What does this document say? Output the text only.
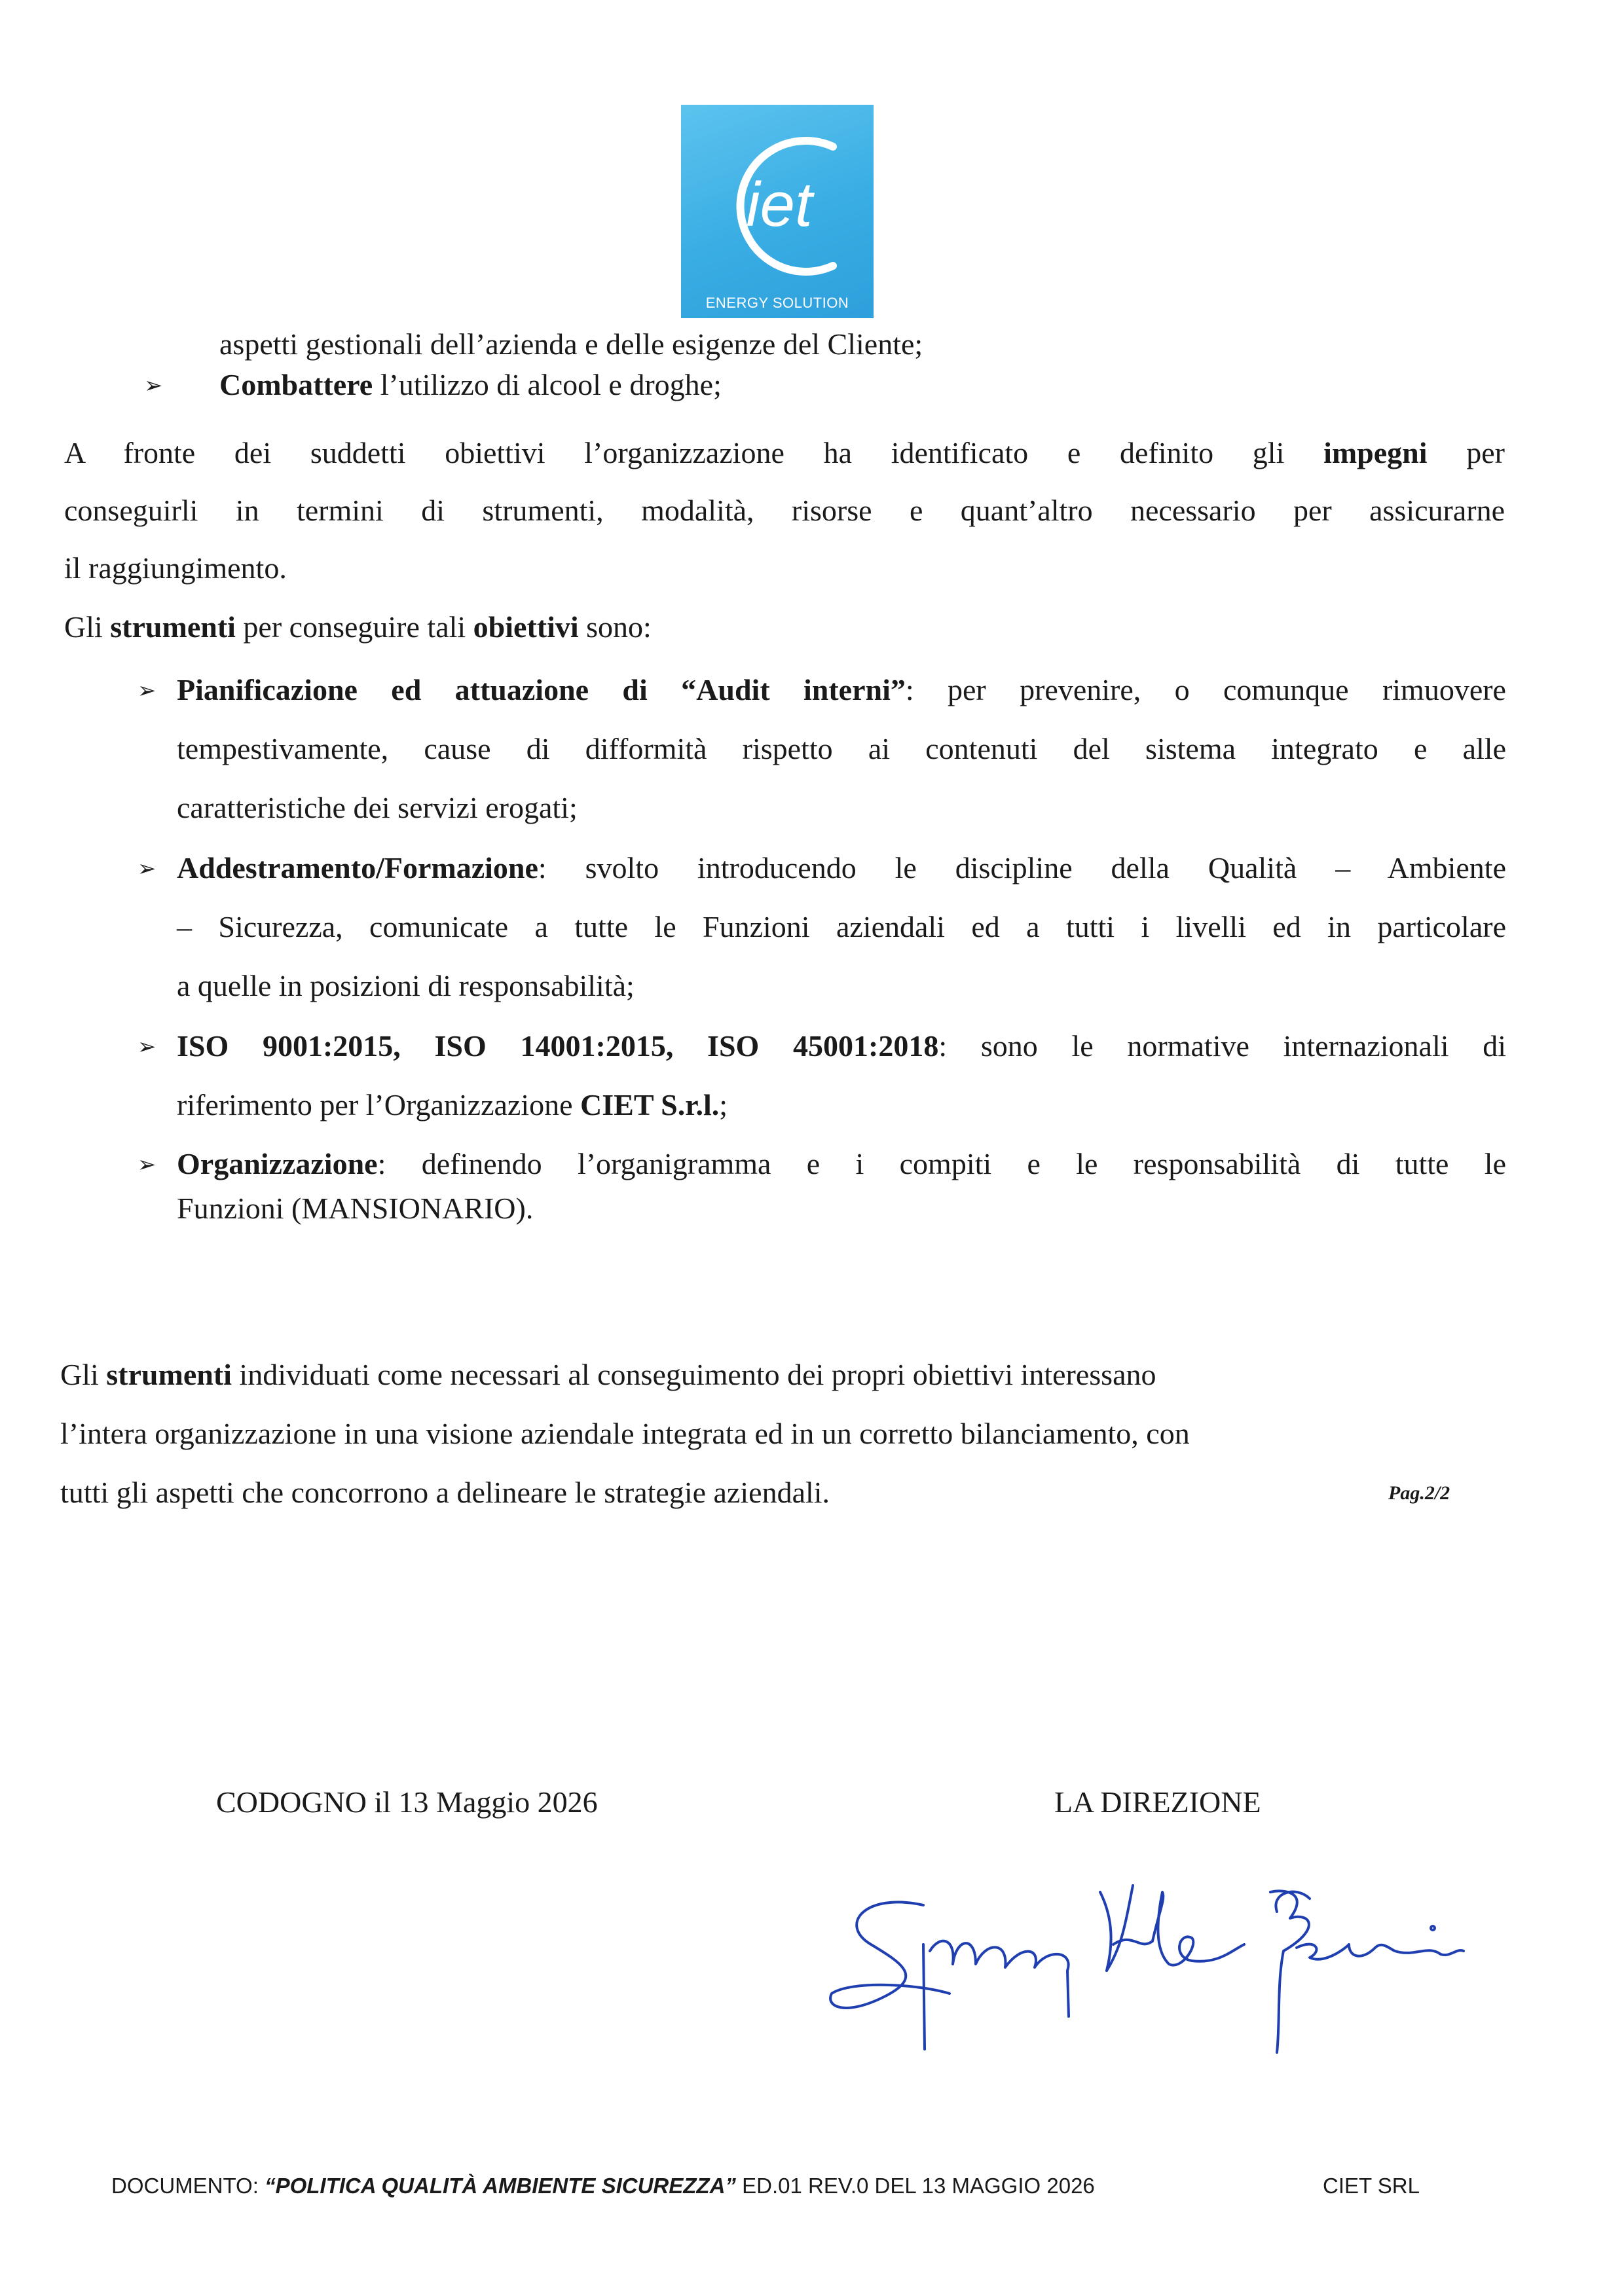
iet
ENERGY SOLUTION
aspetti gestionali dell’azienda e delle esigenze del Cliente;
➢ Combattere l’utilizzo di alcool e droghe;
A fronte dei suddetti obiettivi l’organizzazione ha identificato e definito gli impegni per
conseguirli in termini di strumenti, modalità, risorse e quant’altro necessario per assicurarne
il raggiungimento.
Gli strumenti per conseguire tali obiettivi sono:
➢ Pianificazione ed attuazione di “Audit interni”: per prevenire, o comunque rimuovere
tempestivamente, cause di difformità rispetto ai contenuti del sistema integrato e alle
caratteristiche dei servizi erogati;
➢ Addestramento/Formazione: svolto introducendo le discipline della Qualità – Ambiente
– Sicurezza, comunicate a tutte le Funzioni aziendali ed a tutti i livelli ed in particolare
a quelle in posizioni di responsabilità;
➢ ISO 9001:2015, ISO 14001:2015, ISO 45001:2018: sono le normative internazionali di
riferimento per l’Organizzazione CIET S.r.l.;
➢ Organizzazione: definendo l’organigramma e i compiti e le responsabilità di tutte le
Funzioni (MANSIONARIO).
Gli strumenti individuati come necessari al conseguimento dei propri obiettivi interessano
l’intera organizzazione in una visione aziendale integrata ed in un corretto bilanciamento, con
tutti gli aspetti che concorrono a delineare le strategie aziendali.	Pag.2/2
CODOGNO il 13 Maggio 2026	LA DIREZIONE
DOCUMENTO: “POLITICA QUALITÀ AMBIENTE SICUREZZA” ED.01 REV.0 DEL 13 MAGGIO 2026	CIET SRL
